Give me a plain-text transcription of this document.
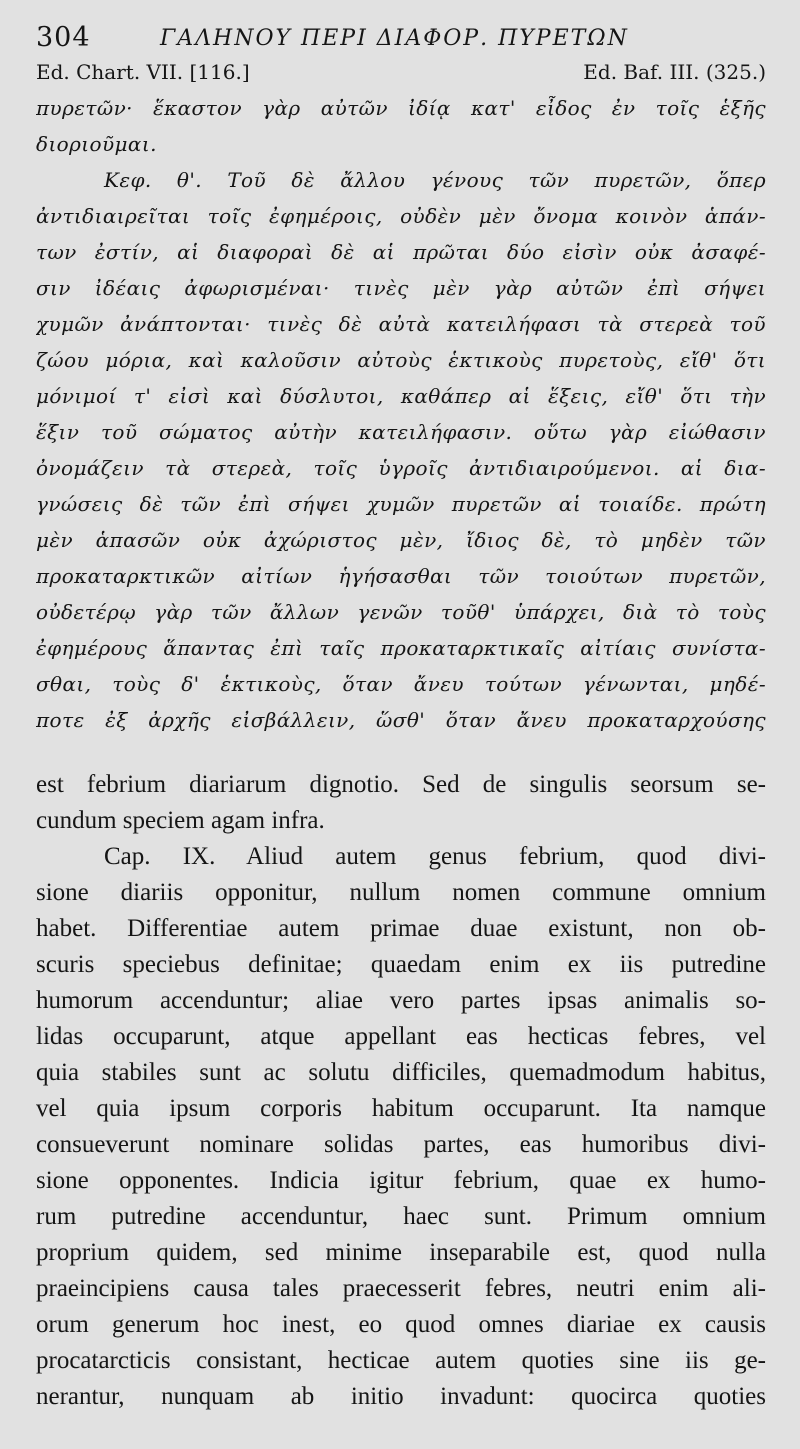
304	ΓΑΛΗΝΟΥ ΠΕΡΙ ΔΙΑΦΟΡ. ΠΥΡΕΤΩΝ
Ed. Chart. VII. [116.]	Ed. Baf. III. (325.)
πυρετῶν· ἕκαστον γὰρ αὐτῶν ἰδίᾳ κατ' εἶδος ἐν τοῖς ἑξῆς
διοριοῦμαι.
Κεφ. θ'. Τοῦ δὲ ἄλλου γένους τῶν πυρετῶν, ὅπερ
ἀντιδιαιρεῖται τοῖς ἐφημέροις, οὐδὲν μὲν ὄνομα κοινὸν ἁπάν-
των ἐστίν, αἱ διαφοραὶ δὲ αἱ πρῶται δύο εἰσὶν οὐκ ἀσαφέ-
σιν ἰδέαις ἀφωρισμέναι· τινὲς μὲν γὰρ αὐτῶν ἐπὶ σήψει
χυμῶν ἀνάπτονται· τινὲς δὲ αὐτὰ κατειλήφασι τὰ στερεὰ τοῦ
ζώου μόρια, καὶ καλοῦσιν αὐτοὺς ἑκτικοὺς πυρετοὺς, εἴθ' ὅτι
μόνιμοί τ' εἰσὶ καὶ δύσλυτοι, καθάπερ αἱ ἕξεις, εἴθ' ὅτι τὴν
ἕξιν τοῦ σώματος αὐτὴν κατειλήφασιν. οὕτω γὰρ εἰώθασιν
ὀνομάζειν τὰ στερεὰ, τοῖς ὑγροῖς ἀντιδιαιρούμενοι. αἱ δια-
γνώσεις δὲ τῶν ἐπὶ σήψει χυμῶν πυρετῶν αἱ τοιαίδε. πρώτη
μὲν ἁπασῶν οὐκ ἀχώριστος μὲν, ἴδιος δὲ, τὸ μηδὲν τῶν
προκαταρκτικῶν αἰτίων ἡγήσασθαι τῶν τοιούτων πυρετῶν,
οὐδετέρῳ γὰρ τῶν ἄλλων γενῶν τοῦθ' ὑπάρχει, διὰ τὸ τοὺς
ἐφημέρους ἅπαντας ἐπὶ ταῖς προκαταρκτικαῖς αἰτίαις συνίστα-
σθαι, τοὺς δ' ἑκτικοὺς, ὅταν ἄνευ τούτων γένωνται, μηδέ-
ποτε ἐξ ἀρχῆς εἰσβάλλειν, ὥσθ' ὅταν ἄνευ προκαταρχούσης
est febrium diariarum dignotio. Sed de singulis seorsum se-
cundum speciem agam infra.
Cap. IX. Aliud autem genus febrium, quod divi-
sione diariis opponitur, nullum nomen commune omnium
habet. Differentiae autem primae duae existunt, non ob-
scuris speciebus definitae; quaedam enim ex iis putredine
humorum accenduntur; aliae vero partes ipsas animalis so-
lidas occuparunt, atque appellant eas hecticas febres, vel
quia stabiles sunt ac solutu difficiles, quemadmodum habitus,
vel quia ipsum corporis habitum occuparunt. Ita namque
consueverunt nominare solidas partes, eas humoribus divi-
sione opponentes. Indicia igitur febrium, quae ex humo-
rum putredine accenduntur, haec sunt. Primum omnium
proprium quidem, sed minime inseparabile est, quod nulla
praeincipiens causa tales praecesserit febres, neutri enim ali-
orum generum hoc inest, eo quod omnes diariae ex causis
procatarcticis consistant, hecticae autem quoties sine iis ge-
nerantur, nunquam ab initio invadunt: quocirca quoties
